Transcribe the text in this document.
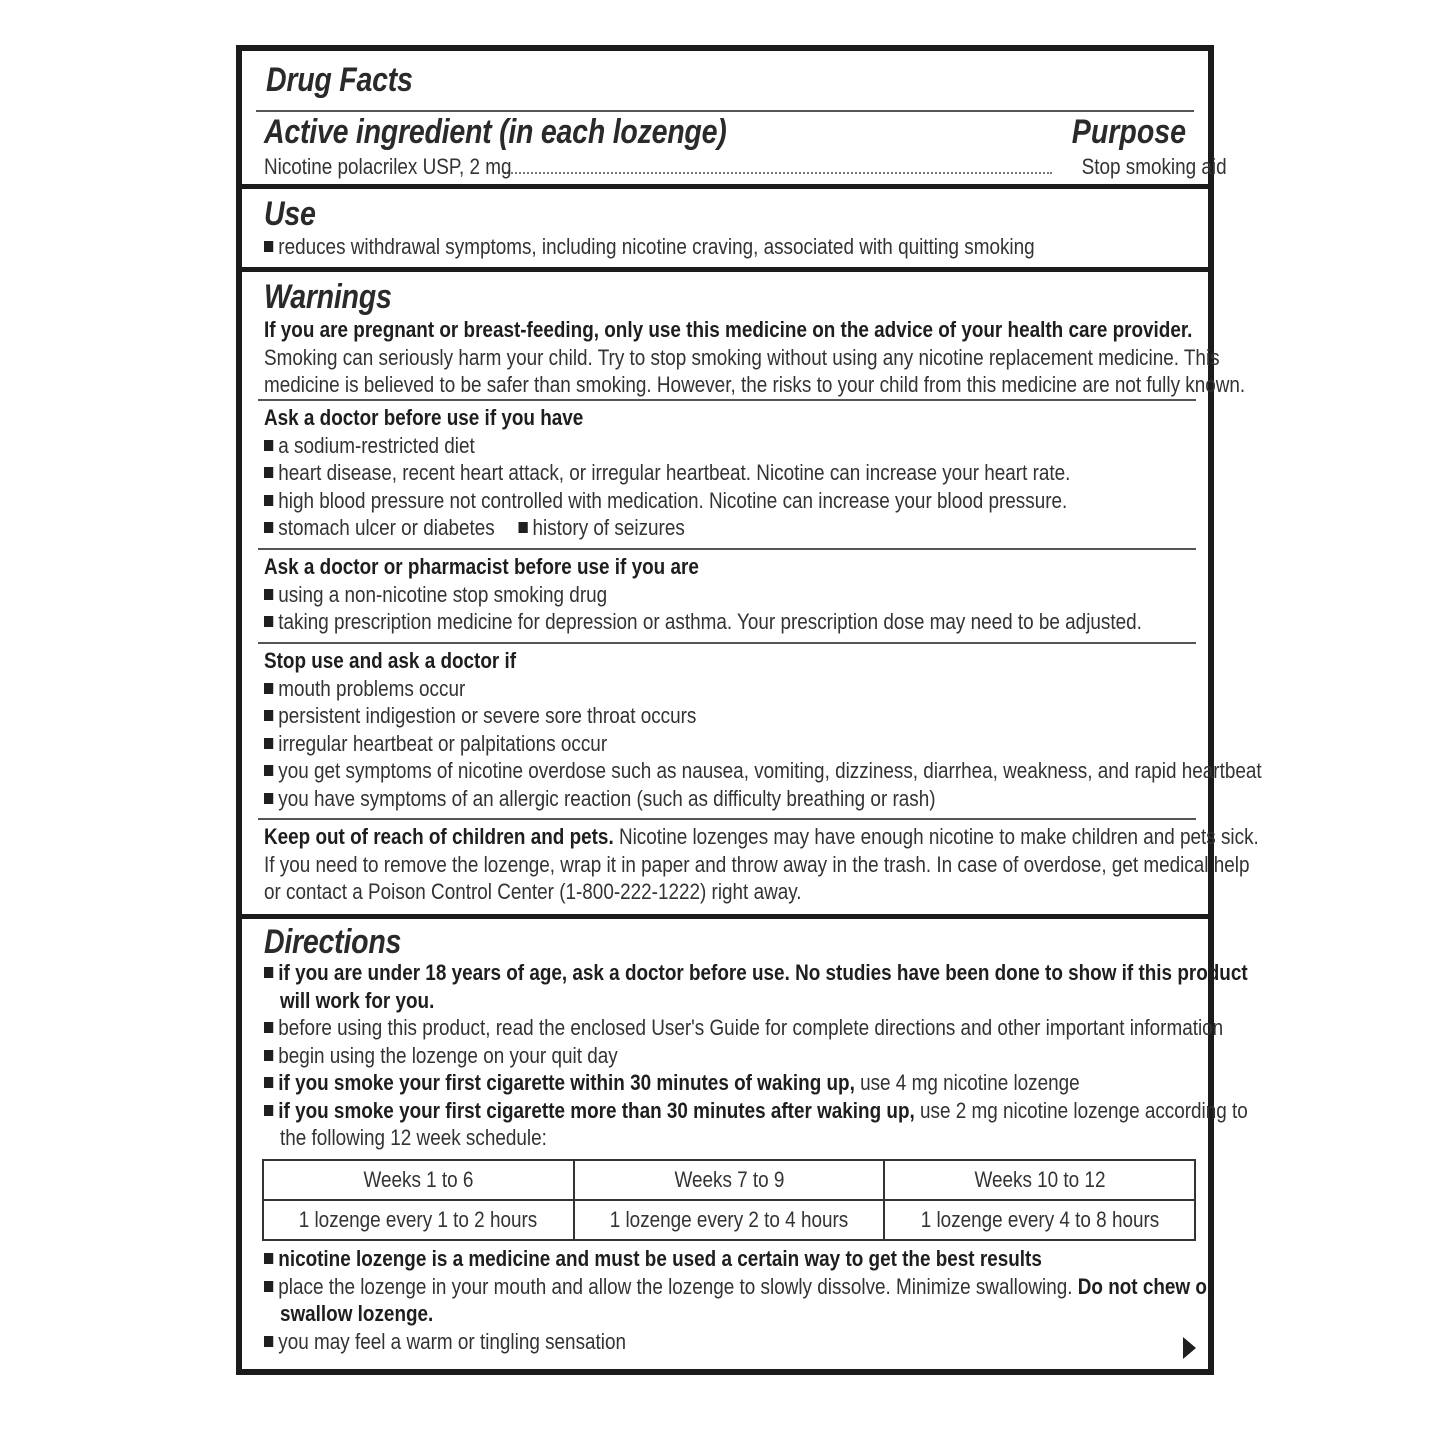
Drug Facts
Active ingredient (in each lozenge)	Purpose
Nicotine polacrilex USP, 2 mg	Stop smoking aid
Use
reduces withdrawal symptoms, including nicotine craving, associated with quitting smoking
Warnings
If you are pregnant or breast-feeding, only use this medicine on the advice of your health care provider.
Smoking can seriously harm your child. Try to stop smoking without using any nicotine replacement medicine. This
medicine is believed to be safer than smoking. However, the risks to your child from this medicine are not fully known.
Ask a doctor before use if you have
a sodium-restricted diet
heart disease, recent heart attack, or irregular heartbeat. Nicotine can increase your heart rate.
high blood pressure not controlled with medication. Nicotine can increase your blood pressure.
stomach ulcer or diabetes history of seizures
Ask a doctor or pharmacist before use if you are
using a non-nicotine stop smoking drug
taking prescription medicine for depression or asthma. Your prescription dose may need to be adjusted.
Stop use and ask a doctor if
mouth problems occur
persistent indigestion or severe sore throat occurs
irregular heartbeat or palpitations occur
you get symptoms of nicotine overdose such as nausea, vomiting, dizziness, diarrhea, weakness, and rapid heartbeat
you have symptoms of an allergic reaction (such as difficulty breathing or rash)
Keep out of reach of children and pets. Nicotine lozenges may have enough nicotine to make children and pets sick.
If you need to remove the lozenge, wrap it in paper and throw away in the trash. In case of overdose, get medical help
or contact a Poison Control Center (1-800-222-1222) right away.
Directions
if you are under 18 years of age, ask a doctor before use. No studies have been done to show if this product
will work for you.
before using this product, read the enclosed User's Guide for complete directions and other important information
begin using the lozenge on your quit day
if you smoke your first cigarette within 30 minutes of waking up, use 4 mg nicotine lozenge
if you smoke your first cigarette more than 30 minutes after waking up, use 2 mg nicotine lozenge according to
the following 12 week schedule:
Weeks 1 to 6	Weeks 7 to 9	Weeks 10 to 12
1 lozenge every 1 to 2 hours	1 lozenge every 2 to 4 hours	1 lozenge every 4 to 8 hours
nicotine lozenge is a medicine and must be used a certain way to get the best results
place the lozenge in your mouth and allow the lozenge to slowly dissolve. Minimize swallowing. Do not chew or
swallow lozenge.
you may feel a warm or tingling sensation
